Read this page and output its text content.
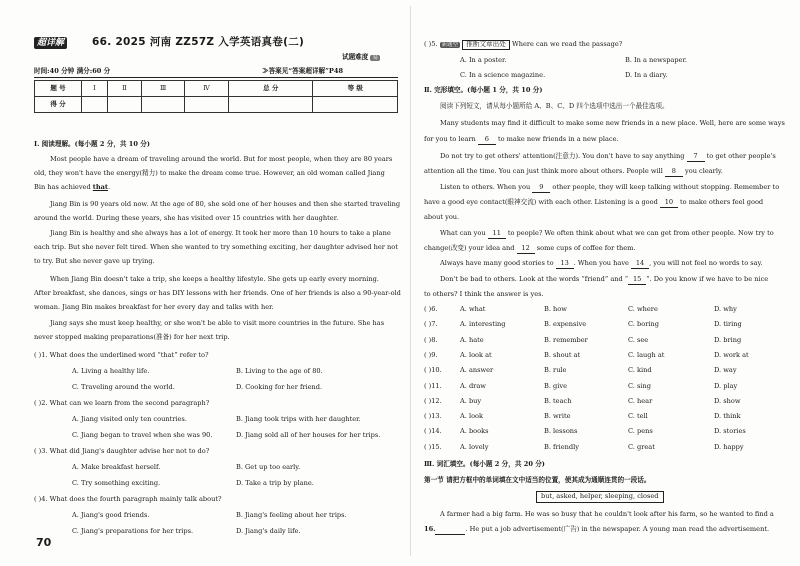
超详解	66. 2025 河南 ZZ57Z 入学英语真卷(二)
试题难度 易
时间:40 分钟 满分:60 分	≫答案见“答案超详解”P48
题 号	Ⅰ	Ⅱ	Ⅲ	Ⅳ	总 分	等 级
得 分						
Ⅰ. 阅读理解。(每小题 2 分，共 10 分)
Most people have a dream of traveling around the world. But for most people, when they are 80 years
old, they won't have the energy(精力) to make the dream come true. However, an old woman called Jiang
Bin has achieved that.
Jiang Bin is 90 years old now. At the age of 80, she sold one of her houses and then she started traveling
around the world. During these years, she has visited over 15 countries with her daughter.
Jiang Bin is healthy and she always has a lot of energy. It took her more than 10 hours to take a plane
each trip. But she never felt tired. When she wanted to try something exciting, her daughter advised her not
to try. But she never gave up trying.
When Jiang Bin doesn't take a trip, she keeps a healthy lifestyle. She gets up early every morning.
After breakfast, she dances, sings or has DIY lessons with her friends. One of her friends is also a 90-year-old
woman. Jiang Bin makes breakfast for her every day and talks with her.
Jiang says she must keep healthy, or she won't be able to visit more countries in the future. She has
never stopped making preparations(准备) for her next trip.
( )1. What does the underlined word “that” refer to?
A. Living a healthy life.	B. Living to the age of 80.
C. Traveling around the world.	D. Cooking for her friend.
( )2. What can we learn from the second paragraph?
A. Jiang visited only ten countries.	B. Jiang took trips with her daughter.
C. Jiang began to travel when she was 90.	D. Jiang sold all of her houses for her trips.
( )3. What did Jiang's daughter advise her not to do?
A. Make breakfast herself.	B. Get up too early.
C. Try something exciting.	D. Take a trip by plane.
( )4. What does the fourth paragraph mainly talk about?
A. Jiang's good friends.	B. Jiang's feeling about her trips.
C. Jiang's preparations for her trips.	D. Jiang's daily life.
70
( )5. 新题型 推断文章出处 Where can we read the passage?
A. In a poster.	B. In a newspaper.
C. In a science magazine.	D. In a diary.
Ⅱ. 完形填空。(每小题 1 分，共 10 分)
阅读下列短文，请从每小题所给 A、B、C、D 四个选项中选出一个最佳选项。
Many students may find it difficult to make some new friends in a new place. Well, here are some ways
for you to learn 6 to make new friends in a new place.
Do not try to get others' attention(注意力). You don't have to say anything 7 to get other people's
attention all the time. You can just think more about others. People will 8 you clearly.
Listen to others. When you 9 other people, they will keep talking without stopping. Remember to
have a good eye contact(眼神交流) with each other. Listening is a good 10 to make others feel good
about you.
What can you 11 to people? We often think about what we can get from other people. Now try to
change(改变) your idea and 12 some cups of coffee for them.
Always have many good stories to 13 . When you have 14 , you will not feel no words to say.
Don't be bad to others. Look at the words “friend” and “ 15 ”. Do you know if we have to be nice
to others? I think the answer is yes.
( )6.	A. what	B. how	C. where	D. why
( )7.	A. interesting	B. expensive	C. boring	D. tiring
( )8.	A. hate	B. remember	C. see	D. bring
( )9.	A. look at	B. shout at	C. laugh at	D. work at
( )10.	A. answer	B. rule	C. kind	D. way
( )11.	A. draw	B. give	C. sing	D. play
( )12.	A. buy	B. teach	C. hear	D. show
( )13.	A. look	B. write	C. tell	D. think
( )14.	A. books	B. lessons	C. pens	D. stories
( )15.	A. lovely	B. friendly	C. great	D. happy
Ⅲ. 词汇填空。(每小题 2 分，共 20 分)
第一节 请把方框中的单词填在文中适当的位置，使其成为通顺连贯的一段话。
but, asked, helper, sleeping, closed
A farmer had a big farm. He was so busy that he couldn't look after his farm, so he wanted to find a
16.	. He put a job advertisement(广告) in the newspaper. A young man read the advertisement.
